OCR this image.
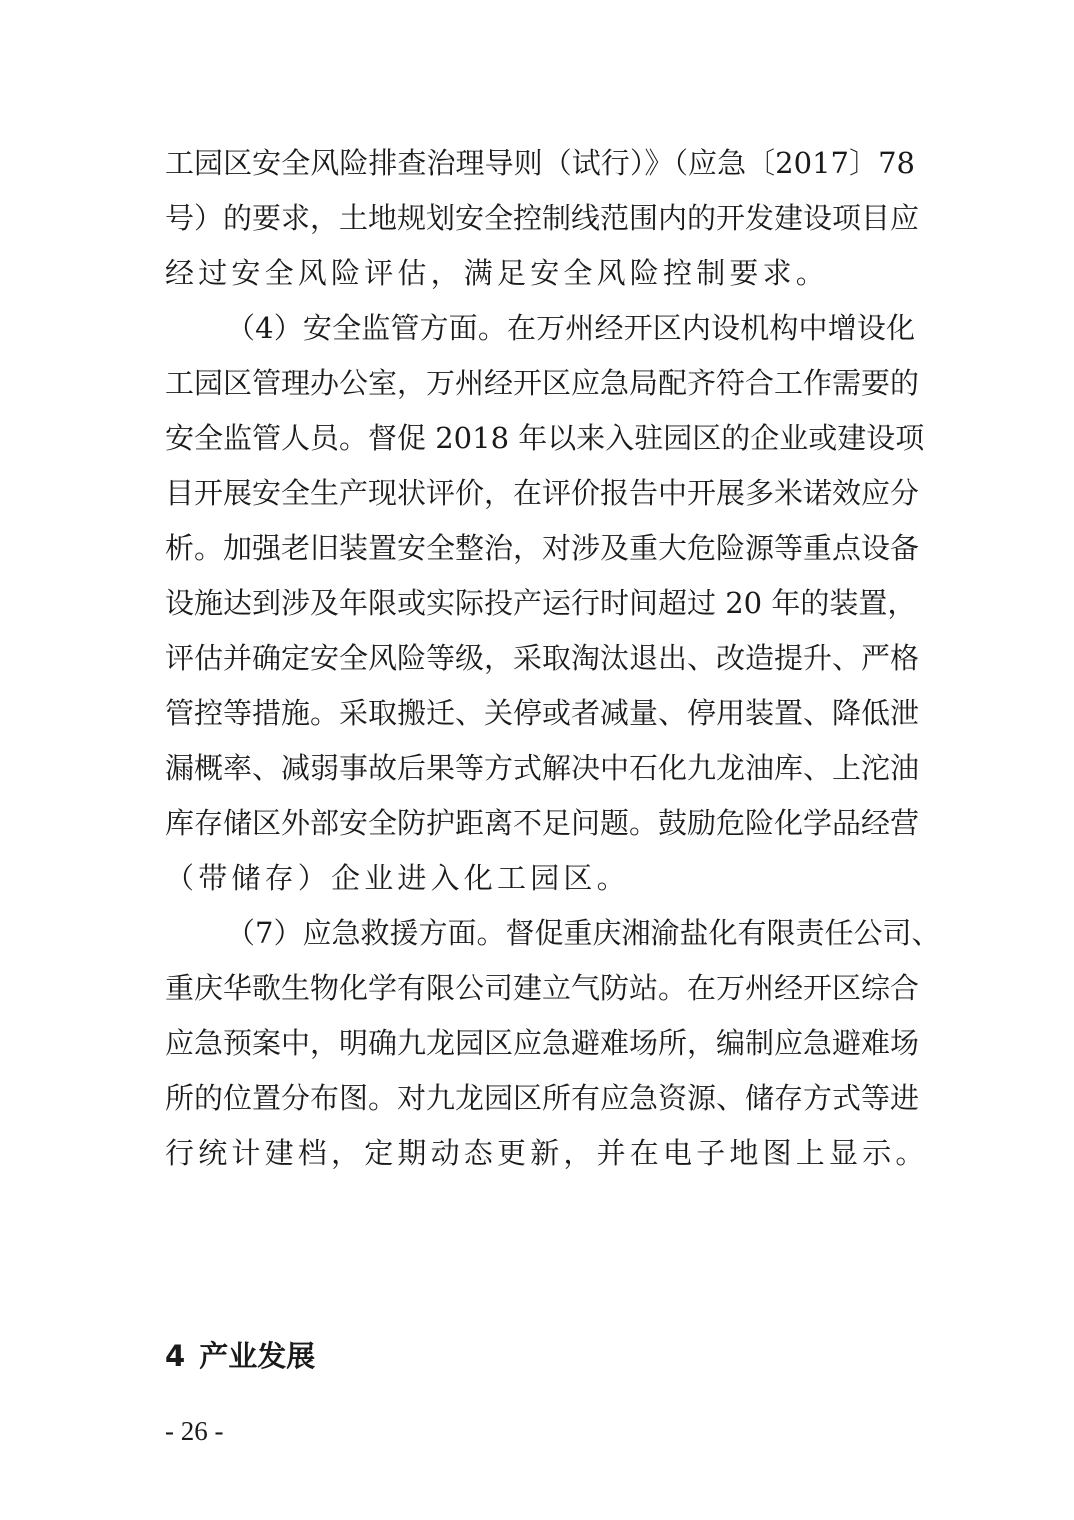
工园区安全风险排查治理导则（试行）》（应急〔2017〕78
号）的要求，土地规划安全控制线范围内的开发建设项目应
经过安全风险评估，满足安全风险控制要求。
（4）安全监管方面。在万州经开区内设机构中增设化
工园区管理办公室，万州经开区应急局配齐符合工作需要的
安全监管人员。督促 2018 年以来入驻园区的企业或建设项
目开展安全生产现状评价，在评价报告中开展多米诺效应分
析。加强老旧装置安全整治，对涉及重大危险源等重点设备
设施达到涉及年限或实际投产运行时间超过 20 年的装置，
评估并确定安全风险等级，采取淘汰退出、改造提升、严格
管控等措施。采取搬迁、关停或者减量、停用装置、降低泄
漏概率、减弱事故后果等方式解决中石化九龙油库、上沱油
库存储区外部安全防护距离不足问题。鼓励危险化学品经营
（带储存）企业进入化工园区。
（7）应急救援方面。督促重庆湘渝盐化有限责任公司、
重庆华歌生物化学有限公司建立气防站。在万州经开区综合
应急预案中，明确九龙园区应急避难场所，编制应急避难场
所的位置分布图。对九龙园区所有应急资源、储存方式等进
行统计建档，定期动态更新，并在电子地图上显示。
4 产业发展
- 26 -
